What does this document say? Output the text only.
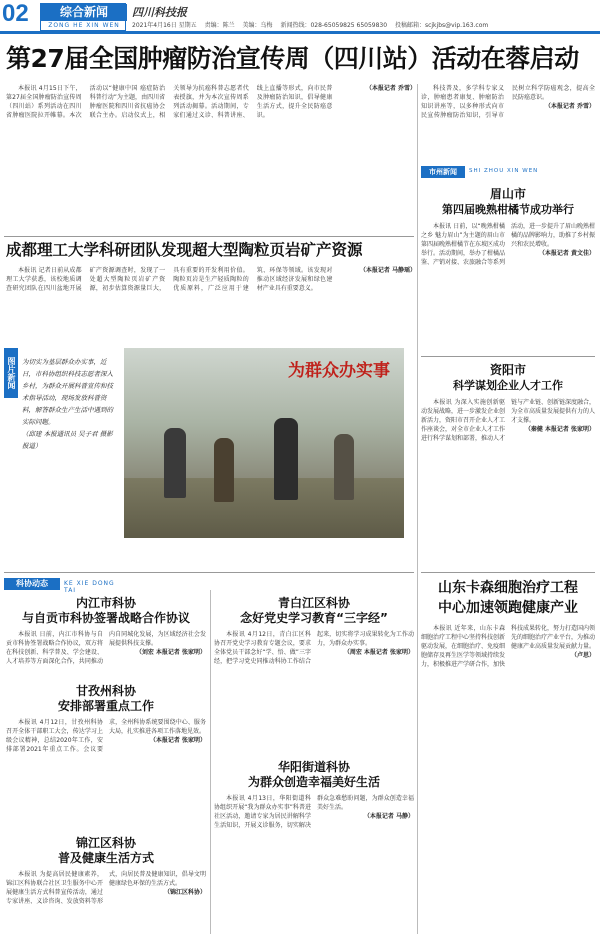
02	综合新闻
ZONG HE XIN WEN
四川科技报
2021年4月16日 星期五 责编：陈兰 美编：乌梅 新闻热线：028-65059825 65059830 投稿邮箱：scjkjbs@vip.163.com
第27届全国肿瘤防治宣传周（四川站）活动在蓉启动
本报讯 4月15日下午，第27届全国肿瘤防治宣传周（四川站）系列活动在四川省肿瘤医院拉开帷幕。本次活动以“健康中国 癌症防治科普行动”为主题，由四川省肿瘤医院和四川省抗癌协会联合主办。启动仪式上，相关领导为抗癌科普志愿者代表授旗，并为本次宣传周系列活动揭幕。活动期间，专家们通过义诊、科普讲座、线上直播等形式，向市民普及肿瘤防治知识，倡导健康生活方式，提升全民防癌意识。
（本报记者 乔雪）	科技普及，多学科专家义诊，肿瘤患者康复、肿瘤防治知识讲座等，以多种形式向市民宣传肿瘤防治知识，引导市民树立科学防癌观念，提高全民防癌意识。
（本报记者 乔雪）
成都理工大学科研团队发现超大型陶粒页岩矿产资源
本报讯 记者日前从成都理工大学获悉，该校地质调查研究团队在四川盆地开展矿产资源调查时，发现了一处超大型陶粒页岩矿产资源，初步估算资源量巨大，具有重要的开发利用价值。陶粒页岩是生产轻质陶粒的优质原料，广泛应用于建筑、环保等领域。该发现对推动区域经济发展和绿色建材产业具有重要意义。
（本报记者 马静瑶）
图片新闻 为切实为基层群众办实事，近日，市科协组织科技志愿者深入乡村，为群众开展科普宣传和技术指导活动，现场发放科普资料，解答群众生产生活中遇到的实际问题。
（邱建 本报通讯员 吴子君 摄影报道）
为群众办实事
科协动态	KE XIE DONG TAI
内江市科协
与自贡市科协签署战略合作协议
本报讯 日前，内江市科协与自贡市科协签署战略合作协议，双方将在科技创新、科学普及、学会建设、人才培养等方面深化合作，共同推动内自同城化发展，为区域经济社会发展提供科技支撑。
（刘宏 本报记者 张家明）
甘孜州科协
安排部署重点工作
本报讯 4月12日，甘孜州科协召开全体干部职工大会，传达学习上级会议精神，总结2020年工作，安排部署2021年重点工作。会议要求，全州科协系统要围绕中心、服务大局，扎实推进各项工作落地见效。
（本报记者 张家明）
锦江区科协
普及健康生活方式
本报讯 为提高居民健康素养，锦江区科协联合社区卫生服务中心开展健康生活方式科普宣传活动，通过专家讲座、义诊咨询、发放资料等形式，向居民普及健康知识，倡导文明健康绿色环保的生活方式。
（锦江区科协）
青白江区科协
念好党史学习教育“三字经”
本报讯 4月12日，青白江区科协召开党史学习教育专题会议，要求全体党员干部念好“学、悟、做”三字经，把学习党史同推动科协工作结合起来，切实将学习成果转化为工作动力，为群众办实事。
（周宏 本报记者 张家明）
华阳街道科协
为群众创造幸福美好生活
本报讯 4月13日，华阳街道科协组织开展“我为群众办实事”科普进社区活动，邀请专家为居民讲解科学生活知识，开展义诊服务，切实解决群众急难愁盼问题，为群众创造幸福美好生活。
（本报记者 马静）
市州新闻	SHI ZHOU XIN WEN
眉山市
第四届晚熟柑橘节成功举行
本报讯 日前，以“晚熟柑橘之乡 魅力眉山”为主题的眉山市第四届晚熟柑橘节在东坡区成功举行。活动期间，举办了柑橘品鉴、产销对接、农旅融合等系列活动，进一步提升了眉山晚熟柑橘的品牌影响力，助推了乡村振兴和农民增收。
（本报记者 黄文佳）
资阳市
科学谋划企业人才工作
本报讯 为深入实施创新驱动发展战略，进一步激发企业创新活力，资阳市召开企业人才工作座谈会，对全市企业人才工作进行科学谋划和部署，推动人才链与产业链、创新链深度融合，为全市高质量发展提供有力的人才支撑。
（秦健 本报记者 张家明）
山东卡森细胞治疗工程
中心加速领跑健康产业
本报讯 近年来，山东卡森细胞治疗工程中心坚持科技创新驱动发展，在细胞治疗、免疫细胞储存及再生医学等领域持续发力，积极推进产学研合作，加快科技成果转化，努力打造国内领先的细胞治疗产业平台，为推动健康产业高质量发展贡献力量。
（卢思）
